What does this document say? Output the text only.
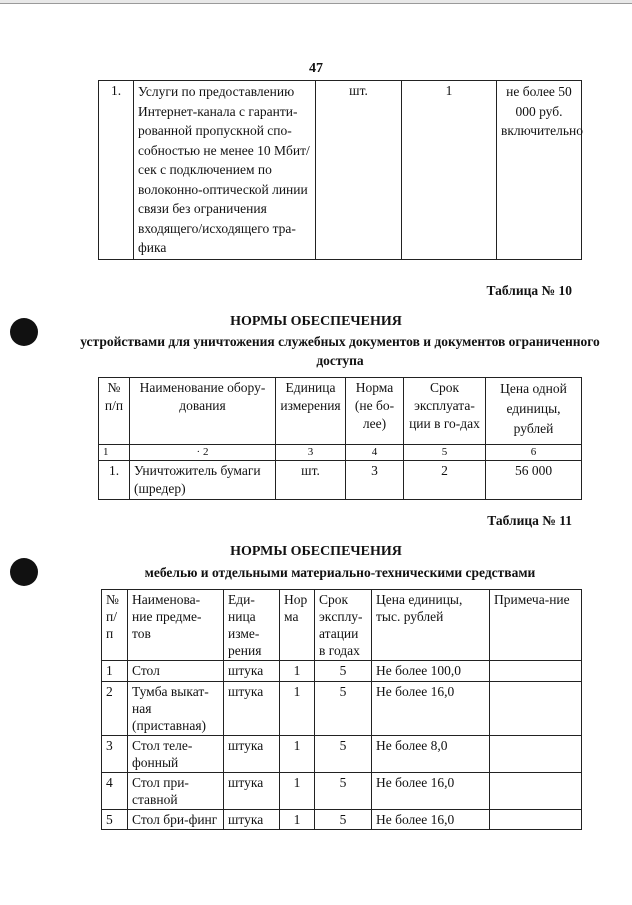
47
1.	Услуги по предоставлению Интернет-канала с гаранти-рованной пропускной спо-собностью не менее 10 Мбит/сек с подключением по волоконно-оптической линии связи без ограничения входящего/исходящего тра-фика	шт.	1	не более 50 000 руб. включительно
Таблица № 10
НОРМЫ ОБЕСПЕЧЕНИЯ
устройствами для уничтожения служебных документов и документов ограниченного доступа
№ п/п	Наименование обору-дования	Единица измерения	Норма (не бо-лее)	Срок эксплуата-ции в го-дах	Цена одной единицы, рублей
1	· 2	3	4	5	6
1.	Уничтожитель бумаги (шредер)	шт.	3	2	56 000
Таблица № 11
НОРМЫ ОБЕСПЕЧЕНИЯ
мебелью и отдельными материально-техническими средствами
№ п/ п	Наименова-ние предме-тов	Еди-ница изме-рения	Нор ма	Срок экcплу-атации в годах	Цена единицы, тыс. рублей	Примеча-ние
1	Стол	штука	1	5	Не более 100,0	
2	Тумба выкат-ная (приставная)	штука	1	5	Не более 16,0	
3	Стол теле-фонный	штука	1	5	Не более 8,0	
4	Стол при-ставной	штука	1	5	Не более 16,0	
5	Стол бри-финг	штука	1	5	Не более 16,0	
